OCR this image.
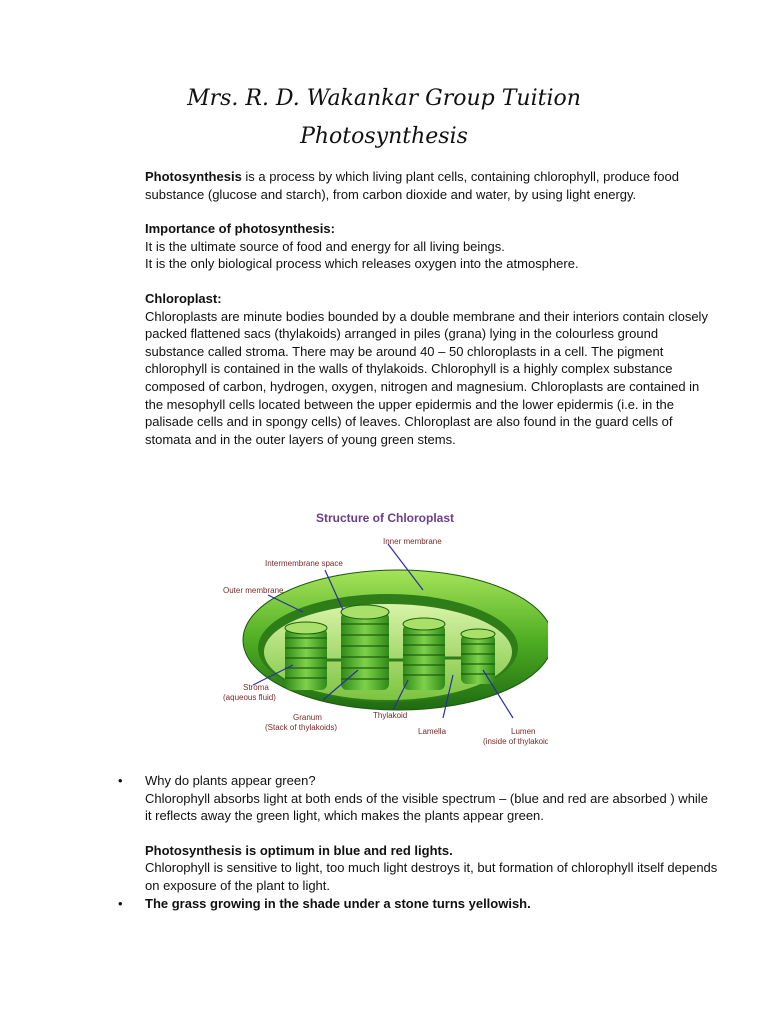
Mrs. R. D. Wakankar Group Tuition
Photosynthesis

Photosynthesis is a process by which living plant cells, containing chlorophyll, produce food substance (glucose and starch), from carbon dioxide and water, by using light energy.

Importance of photosynthesis:

It is the ultimate source of food and energy for all living beings.

It is the only biological process which releases oxygen into the atmosphere.

Chloroplast:

Chloroplasts are minute bodies bounded by a double membrane and their interiors contain closely packed flattened sacs (thylakoids) arranged in piles (grana) lying in the colourless ground substance called stroma. There may be around 40 – 50 chloroplasts in a cell. The pigment chlorophyll is contained in the walls of thylakoids. Chlorophyll is a highly complex substance composed of carbon, hydrogen, oxygen, nitrogen and magnesium. Chloroplasts are contained in the mesophyll cells located between the upper epidermis and the lower epidermis (i.e. in the palisade cells and in spongy cells) of leaves. Chloroplast are also found in the guard cells of stomata and in the outer layers of young green stems.

Structure of Chloroplast
Inner membrane
Intermembrane space
Outer membrane
Stroma
(aqueous fluid)
Granum
(Stack of thylakoids)
Thylakoid
Lamella	Lumen
(inside of thylakoid)
• Why do plants appear green?

Chlorophyll absorbs light at both ends of the visible spectrum – (blue and red are absorbed ) while it reflects away the green light, which makes the plants appear green.

Photosynthesis is optimum in blue and red lights.

Chlorophyll is sensitive to light, too much light destroys it, but formation of chlorophyll itself depends on exposure of the plant to light.

• The grass growing in the shade under a stone turns yellowish.
